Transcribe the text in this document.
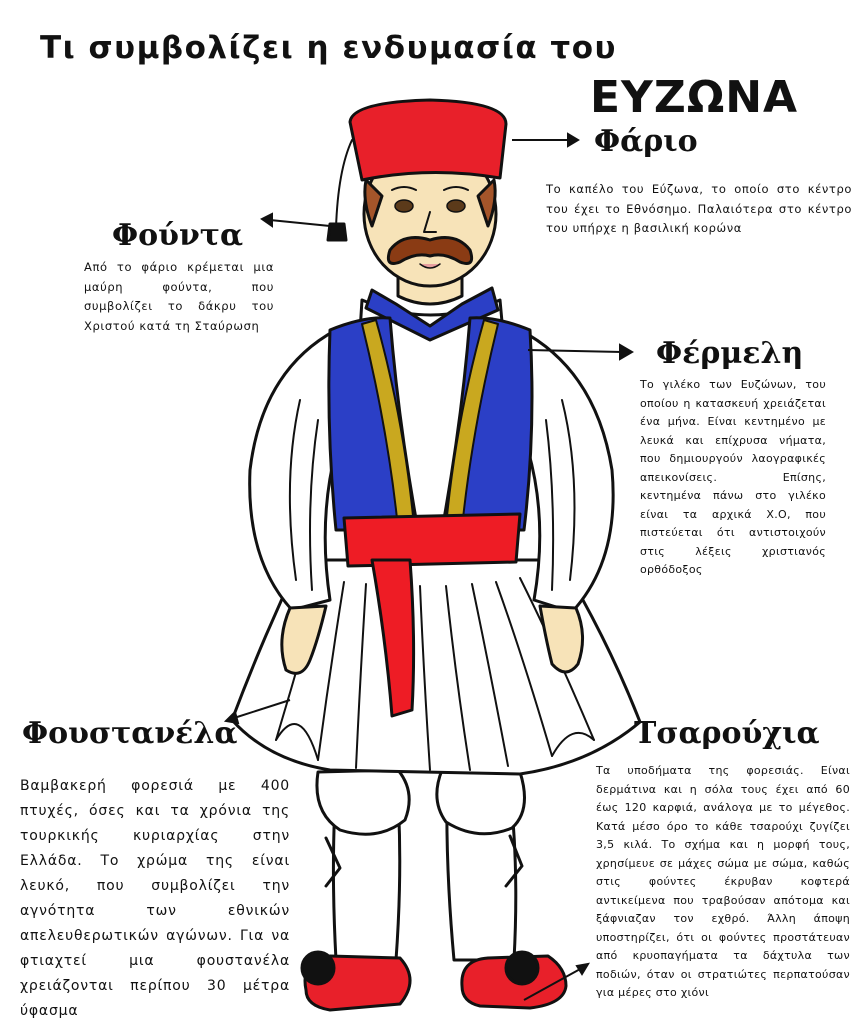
Τι συμβολίζει η ενδυμασία του
ΕΥΖΩΝΑ
Φάριο
Το καπέλο του Εύζωνα, το οποίο στο κέντρο του έχει το Εθνόσημο. Παλαιότερα στο κέντρο του υπήρχε η βασιλική κορώνα
Φούντα
Από το φάριο κρέμεται μια μαύρη φούντα, που συμβολίζει το δάκρυ του Χριστού κατά τη Σταύρωση
Φέρμελη
Το γιλέκο των Ευζώνων, του οποίου η κατασκευή χρειάζεται ένα μήνα. Είναι κεντημένο με λευκά και επίχρυσα νήματα, που δημιουργούν λαογραφικές απεικονίσεις. Επίσης, κεντημένα πάνω στο γιλέκο είναι τα αρχικά Χ.Ο, που πιστεύεται ότι αντιστοιχούν στις λέξεις χριστιανός ορθόδοξος
Φουστανέλα
Βαμβακερή φορεσιά με 400 πτυχές, όσες και τα χρόνια της τουρκικής κυριαρχίας στην Ελλάδα. Το χρώμα της είναι λευκό, που συμβολίζει την αγνότητα των εθνικών απελευθερωτικών αγώνων. Για να φτιαχτεί μια φουστανέλα χρειάζονται περίπου 30 μέτρα ύφασμα
Τσαρούχια
Τα υποδήματα της φορεσιάς. Είναι δερμάτινα και η σόλα τους έχει από 60 έως 120 καρφιά, ανάλογα με το μέγεθος. Κατά μέσο όρο το κάθε τσαρούχι ζυγίζει 3,5 κιλά. Το σχήμα και η μορφή τους, χρησίμευε σε μάχες σώμα με σώμα, καθώς στις φούντες έκρυβαν κοφτερά αντικείμενα που τραβούσαν απότομα και ξάφνιαζαν τον εχθρό. Άλλη άποψη υποστηρίζει, ότι οι φούντες προστάτευαν από κρυοπαγήματα τα δάχτυλα των ποδιών, όταν οι στρατιώτες περπατούσαν για μέρες στο χιόνι
